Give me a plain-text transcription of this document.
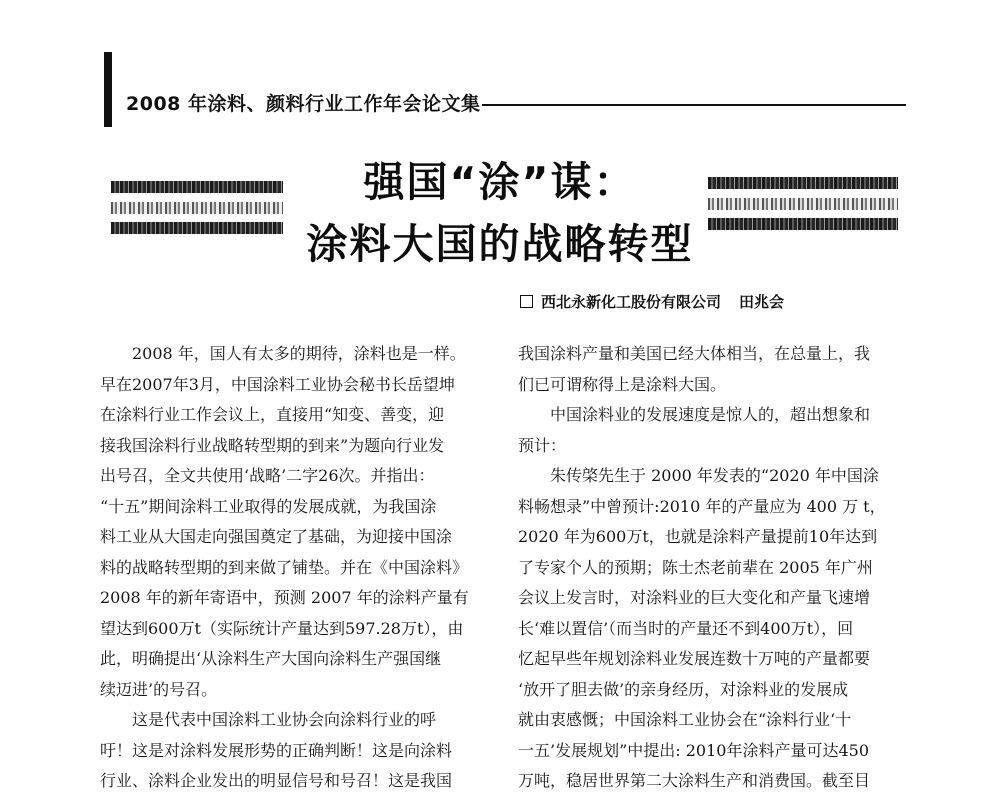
2008 年涂料、颜料行业工作年会论文集
强国“涂”谋：
涂料大国的战略转型
西北永新化工股份有限公司 田兆会
　　2008 年，国人有太多的期待，涂料也是一样。
早在2007年3月，中国涂料工业协会秘书长岳望坤
在涂料行业工作会议上，直接用“知变、善变，迎
接我国涂料行业战略转型期的到来”为题向行业发
出号召，全文共使用‘战略’二字26次。并指出：
“十五”期间涂料工业取得的发展成就，为我国涂
料工业从大国走向强国奠定了基础，为迎接中国涂
料的战略转型期的到来做了铺垫。并在《中国涂料》
2008 年的新年寄语中，预测 2007 年的涂料产量有
望达到600万t（实际统计产量达到597.28万t），由
此，明确提出‘从涂料生产大国向涂料生产强国继
续迈进’的号召。
　　这是代表中国涂料工业协会向涂料行业的呼
吁！这是对涂料发展形势的正确判断！这是向涂料
行业、涂料企业发出的明显信号和号召！这是我国
我国涂料产量和美国已经大体相当，在总量上，我
们已可谓称得上是涂料大国。
　　中国涂料业的发展速度是惊人的，超出想象和
预计：
　　朱传棨先生于 2000 年发表的“2020 年中国涂
料畅想录”中曾预计:2010 年的产量应为 400 万 t，
2020 年为600万t，也就是涂料产量提前10年达到
了专家个人的预期；陈士杰老前辈在 2005 年广州
会议上发言时，对涂料业的巨大变化和产量飞速增
长‘难以置信’（而当时的产量还不到400万t），回
忆起早些年规划涂料业发展连数十万吨的产量都要
‘放开了胆去做’的亲身经历，对涂料业的发展成
就由衷感慨；中国涂料工业协会在“涂料行业‘十
一五’发展规划”中提出: 2010年涂料产量可达450
万吨，稳居世界第二大涂料生产和消费国。截至目
